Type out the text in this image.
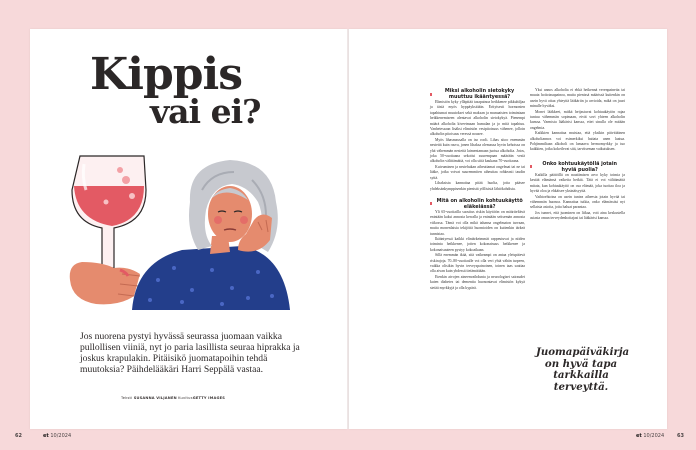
Kippis
vai ei?

Jos nuorena pystyi hyvässä seurassa juomaan vaikka pullollisen viiniä, nyt jo paria lasillista seuraa hiprakka ja joskus krapulakin. Pitäisikö juomatapoihin tehdä muutoksia? Päihdelääkäri Harri Seppälä vastaa.

Teksti SUSANNA VILJANEN KuvitusGETTY IMAGES

Miksi alkoholin sietokyky muuttuu ikääntyessä?

Elimistön kyky ylläpitää tasapainoa heikkenee pikkuhiljaa ja tästä myös hyppäyksittäin. Erityisesti hormonien tapahtumat muutokset sekä maksan ja munuaisten toimintaan heikkenemiseen alentavat alkoholin sietokykyä. Pienempi määrä alkoholia kiveetmaan humalan ja jo mitä tapahtuu. Vanhetessaan lisäksi elimistön vesipitoisuus vähenee, jolloin alkoholin pitoisuus veressä nousee.

Myös lihasmassalla on iso rooli. Lihas sitoo enemmän nestettä kuin rasva, jonen lihaksa olemassa hyvin kehoissa on yhä vähemmän nestettä laimentamaan juotua alkoholia. Jotos, joka 50-vuotiaana sekoitsi suurempaan määrään vesiä alkoholin välittämättä, voi olla siitä kaukana 70-vuotiaana.

Kuivuminen ja nestehukan aiheuttamat ongelmat tai ne tai lääke, jotka voivat suuremmiten aiheuttaa rohkeasti taudin syitä.

Lihaksista kannattaa pitää huolta, jotta pääsee yhdeksänkymppisenkin pienistä yöllisistä lähtökohdista.

Mitä on alkoholin kohtuukäyttö eläkeiässä?

Yli 65-vuotiailla suositus riskin käyttöön on määriteltävä enintään kaksi annosta kerralla ja enintään seitsemän annosta viikossa. Tämä voi olla mikä tahansa ongelmaton tarvaan, mutta monenlaisia tekijöitä huomioiden on kuitenkin tärkeä tunnistaa.

Ikääntyessä kaikki elintärkeimmät rappeutuvat ja niiden toiminta heikkenee, jotten kokonaisuus heikkenee ja kokonaisuuteen pystyy kokoaikaan.

Sillä enemmän ikää, sitä vaikeampi on antaa yleispätevä riskirajoja. 70–80-vuotiaalle voi olla veri yhtä vähän tarpeen, vaikka olisikin hyvin terveyspainoinen, toinen taas saattaa olla aivan kuin yhdessä tietämättään.

Etenkin aivojen aineenvaihdunta ja neurologiset sairaudet kuten diabetes tai dementia huonontavat elimistön kykyä sietää myrkkyjä ja olla kypärä.

Yksi annos alkoholia ei ehkä heikennä verenpainetta tai muuta hoitotasapainoa, mutta pienissä määrissä kuitenkin on usein hyvä ottaa yhteyttä lääkäriin ja arvioida, mikä on juuri minulle hyväksi.

Monet lääkkeet, mitkä heijastuvat kohtuukäytön rajaa tuntuu vähemmän sopimaan, eivät sovi yhteen alkoholin kanssa. Varmista lääkärisi kanssa, ettei sinulla ole mitään ongelmia.

Kaikkien kannattaa muistaa, että yksikin päivittäinen alkoholiannos voi esimerkiksi haitata unen laatua. Pohjimmiltaan alkoholi on lamaava hermomyrkky ja tuo kaikkien, jotka kokeilevat sitä, tarvitseman vaikutuksen.

Onko kohtuukäytöllä jotain hyviä puolia?

Kaikilla päätöillä on nauttimisen arvo kyky toimia ja kestää elämänsä vaikeita hetkiä. Tätä ei voi välttämättä mitata, kun kohtuukäyttö on osa elämää, joka tuottaa iloa ja hyvää oloa ja ehkäisee yksinäisyyttä.

Vaihtoehtoina on usein tuntea aiheesta jotain hyvää tai vähemmän huonoa. Kannattaa tutkia, onko elämässäsi nyt sellaisia asioita, joita haluat parantaa.

Jos tunnet, että juominen on liikaa, voit aina keskustella asiasta oman terveydenhoitajasi tai lääkärisi kanssa.

Juomapäiväkirja on hyvä tapa tarkkailla terveyttä.

62	et 10/2024	et 10/2024	63
